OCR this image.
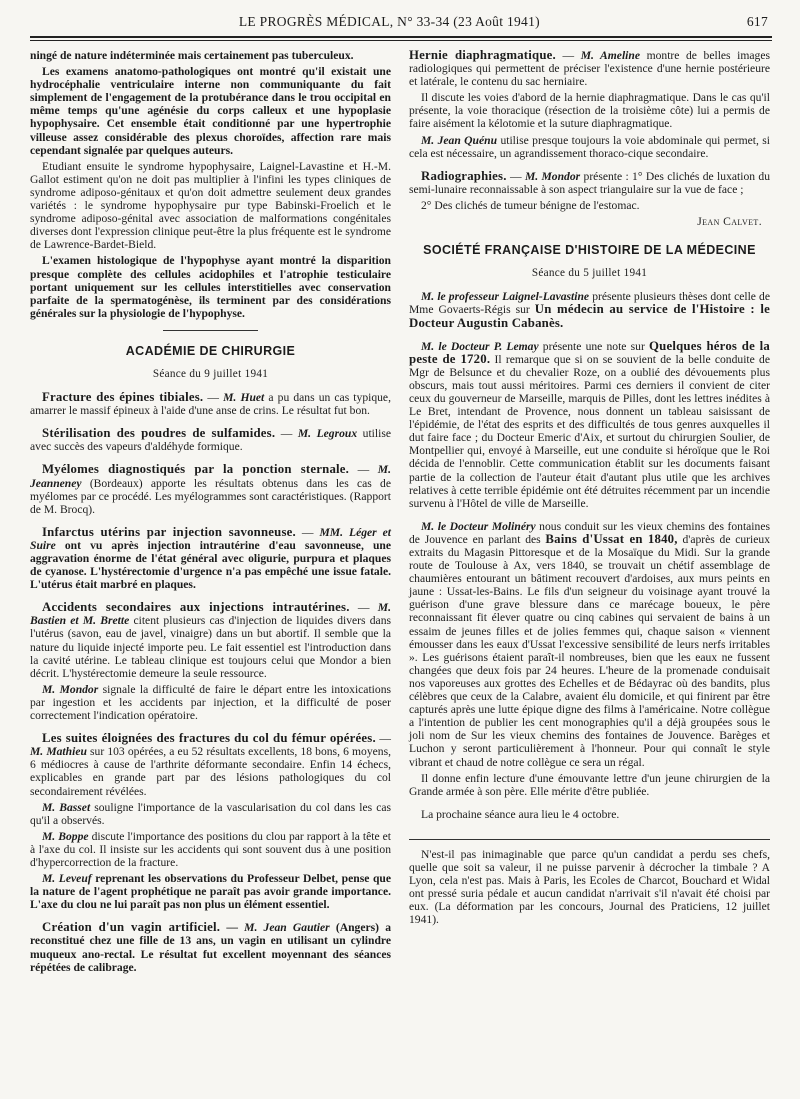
LE PROGRÈS MÉDICAL, N° 33-34 (23 Août 1941)	617

ningé de nature indéterminée mais certainement pas tuberculeux.

Les examens anatomo-pathologiques ont montré qu'il existait une hydrocéphalie ventriculaire interne non communiquante du fait simplement de l'engagement de la protubérance dans le trou occipital en même temps qu'une agénésie du corps calleux et une hypoplasie hypophysaire. Cet ensemble était conditionné par une hypertrophie villeuse assez considérable des plexus choroïdes, affection rare mais cependant signalée par quelques auteurs.

Etudiant ensuite le syndrome hypophysaire, Laignel-Lavastine et H.-M. Gallot estiment qu'on ne doit pas multiplier à l'infini les types cliniques de syndrome adiposo-génitaux et qu'on doit admettre seulement deux grandes variétés : le syndrome hypophysaire pur type Babinski-Froelich et le syndrome adiposo-génital avec association de malformations congénitales diverses dont l'expression clinique peut-être la plus fréquente est le syndrome de Lawrence-Bardet-Bield.

L'examen histologique de l'hypophyse ayant montré la disparition presque complète des cellules acidophiles et l'atrophie testiculaire portant uniquement sur les cellules interstitielles avec conservation parfaite de la spermatogénèse, ils terminent par des considérations générales sur la physiologie de l'hypophyse.

ACADÉMIE DE CHIRURGIE
Séance du 9 juillet 1941

Fracture des épines tibiales. — M. Huet a pu dans un cas typique, amarrer le massif épineux à l'aide d'une anse de crins. Le résultat fut bon.

Stérilisation des poudres de sulfamides. — M. Legroux utilise avec succès des vapeurs d'aldéhyde formique.

Myélomes diagnostiqués par la ponction sternale. — M. Jeanneney (Bordeaux) apporte les résultats obtenus dans les cas de myélomes par ce procédé. Les myélogrammes sont caractéristiques. (Rapport de M. Brocq).

Infarctus utérins par injection savonneuse. — MM. Léger et Suire ont vu après injection intrautérine d'eau savonneuse, une aggravation énorme de l'état général avec oligurie, purpura et plaques de cyanose. L'hystérectomie d'urgence n'a pas empêché une issue fatale. L'utérus était marbré en plaques.

Accidents secondaires aux injections intrautérines. — M. Bastien et M. Brette citent plusieurs cas d'injection de liquides divers dans l'utérus (savon, eau de javel, vinaigre) dans un but abortif. Il semble que la nature du liquide injecté importe peu. Le fait essentiel est l'introduction dans la cavité utérine. Le tableau clinique est toujours celui que Mondor a bien décrit. L'hystérectomie demeure la seule ressource.

M. Mondor signale la difficulté de faire le départ entre les intoxications par ingestion et les accidents par injection, et la difficulté de poser correctement l'indication opératoire.

Les suites éloignées des fractures du col du fémur opérées. — M. Mathieu sur 103 opérées, a eu 52 résultats excellents, 18 bons, 6 moyens, 6 médiocres à cause de l'arthrite déformante secondaire. Enfin 14 échecs, explicables en grande part par des lésions pathologiques du col secondairement révélées.

M. Basset souligne l'importance de la vascularisation du col dans les cas qu'il a observés.

M. Boppe discute l'importance des positions du clou par rapport à la tête et à l'axe du col. Il insiste sur les accidents qui sont souvent dus à une position d'hypercorrection de la fracture.

M. Leveuf reprenant les observations du Professeur Delbet, pense que la nature de l'agent prophétique ne paraît pas avoir grande importance. L'axe du clou ne lui paraît pas non plus un élément essentiel.

Création d'un vagin artificiel. — M. Jean Gautier (Angers) a reconstitué chez une fille de 13 ans, un vagin en utilisant un cylindre muqueux ano-rectal. Le résultat fut excellent moyennant des séances répétées de calibrage.

Hernie diaphragmatique. — M. Ameline montre de belles images radiologiques qui permettent de préciser l'existence d'une hernie postérieure et latérale, le contenu du sac herniaire.

Il discute les voies d'abord de la hernie diaphragmatique. Dans le cas qu'il présente, la voie thoracique (résection de la troisième côte) lui a permis de faire aisément la kélotomie et la suture diaphragmatique.

M. Jean Quénu utilise presque toujours la voie abdominale qui permet, si cela est nécessaire, un agrandissement thoraco-cique secondaire.

Radiographies. — M. Mondor présente : 1° Des clichés de luxation du semi-lunaire reconnaissable à son aspect triangulaire sur la vue de face ;

2° Des clichés de tumeur bénigne de l'estomac.

Jean Calvet.
SOCIÉTÉ FRANÇAISE D'HISTOIRE DE LA MÉDECINE
Séance du 5 juillet 1941

M. le professeur Laignel-Lavastine présente plusieurs thèses dont celle de Mme Govaerts-Régis sur Un médecin au service de l'Histoire : le Docteur Augustin Cabanès.

M. le Docteur P. Lemay présente une note sur Quelques héros de la peste de 1720. Il remarque que si on se souvient de la belle conduite de Mgr de Belsunce et du chevalier Roze, on a oublié des dévouements plus obscurs, mais tout aussi méritoires. Parmi ces derniers il convient de citer ceux du gouverneur de Marseille, marquis de Pilles, dont les lettres inédites à Le Bret, intendant de Provence, nous donnent un tableau saisissant de l'épidémie, de l'état des esprits et des difficultés de tous genres auxquelles il dut faire face ; du Docteur Emeric d'Aix, et surtout du chirurgien Soulier, de Montpellier qui, envoyé à Marseille, eut une conduite si héroïque que le Roi décida de l'ennoblir. Cette communication établit sur les documents faisant partie de la collection de l'auteur était d'autant plus utile que les archives relatives à cette terrible épidémie ont été détruites récemment par un incendie survenu à l'Hôtel de ville de Marseille.

M. le Docteur Molinéry nous conduit sur les vieux chemins des fontaines de Jouvence en parlant des Bains d'Ussat en 1840, d'après de curieux extraits du Magasin Pittoresque et de la Mosaïque du Midi. Sur la grande route de Toulouse à Ax, vers 1840, se trouvait un chétif assemblage de chaumières entourant un bâtiment recouvert d'ardoises, aux murs peints en jaune : Ussat-les-Bains. Le fils d'un seigneur du voisinage ayant trouvé la guérison d'une grave blessure dans ce marécage boueux, le père reconnaissant fit élever quatre ou cinq cabines qui servaient de bains à un essaim de jeunes filles et de jolies femmes qui, chaque saison « viennent émousser dans les eaux d'Ussat l'excessive sensibilité de leurs nerfs irritables ». Les guérisons étaient paraît-il nombreuses, bien que les eaux ne fussent changées que deux fois par 24 heures. L'heure de la promenade conduisait nos vaporeuses aux grottes des Echelles et de Bédayrac où des bandits, plus célèbres que ceux de la Calabre, avaient élu domicile, et qui finirent par être capturés après une lutte épique digne des films à l'américaine. Notre collègue a l'intention de publier les cent monographies qu'il a déjà groupées sous le joli nom de Sur les vieux chemins des fontaines de Jouvence. Barèges et Luchon y seront particulièrement à l'honneur. Pour qui connaît le style vibrant et chaud de notre collègue ce sera un régal.

Il donne enfin lecture d'une émouvante lettre d'un jeune chirurgien de la Grande armée à son père. Elle mérite d'être publiée.

La prochaine séance aura lieu le 4 octobre.

N'est-il pas inimaginable que parce qu'un candidat a perdu ses chefs, quelle que soit sa valeur, il ne puisse parvenir à décrocher la timbale ? A Lyon, cela n'est pas. Mais à Paris, les Ecoles de Charcot, Bouchard et Widal ont pressé suria pédale et aucun candidat n'arrivait s'il n'avait été choisi par eux. (La déformation par les concours, Journal des Praticiens, 12 juillet 1941).
